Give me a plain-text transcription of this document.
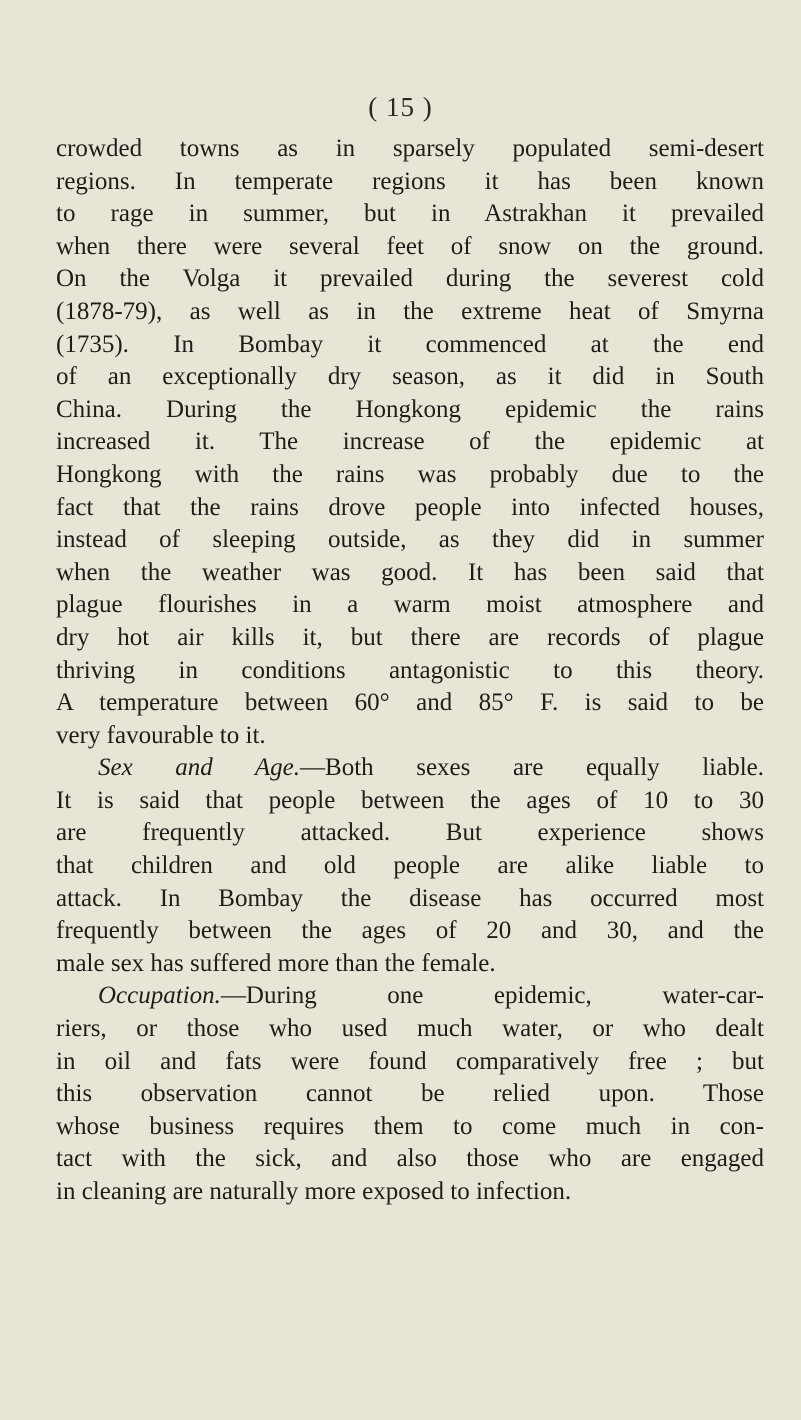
( 15 )
crowded towns as in sparsely populated semi-desert
regions. In temperate regions it has been known
to rage in summer, but in Astrakhan it prevailed
when there were several feet of snow on the ground.
On the Volga it prevailed during the severest cold
(1878-79), as well as in the extreme heat of Smyrna
(1735). In Bombay it commenced at the end
of an exceptionally dry season, as it did in South
China. During the Hongkong epidemic the rains
increased it. The increase of the epidemic at
Hongkong with the rains was probably due to the
fact that the rains drove people into infected houses,
instead of sleeping outside, as they did in summer
when the weather was good. It has been said that
plague flourishes in a warm moist atmosphere and
dry hot air kills it, but there are records of plague
thriving in conditions antagonistic to this theory.
A temperature between 60° and 85° F. is said to be
very favourable to it.
Sex and Age.—Both sexes are equally liable.
It is said that people between the ages of 10 to 30
are frequently attacked. But experience shows
that children and old people are alike liable to
attack. In Bombay the disease has occurred most
frequently between the ages of 20 and 30, and the
male sex has suffered more than the female.
Occupation.—During one epidemic, water-car-
riers, or those who used much water, or who dealt
in oil and fats were found comparatively free ; but
this observation cannot be relied upon. Those
whose business requires them to come much in con-
tact with the sick, and also those who are engaged
in cleaning are naturally more exposed to infection.
